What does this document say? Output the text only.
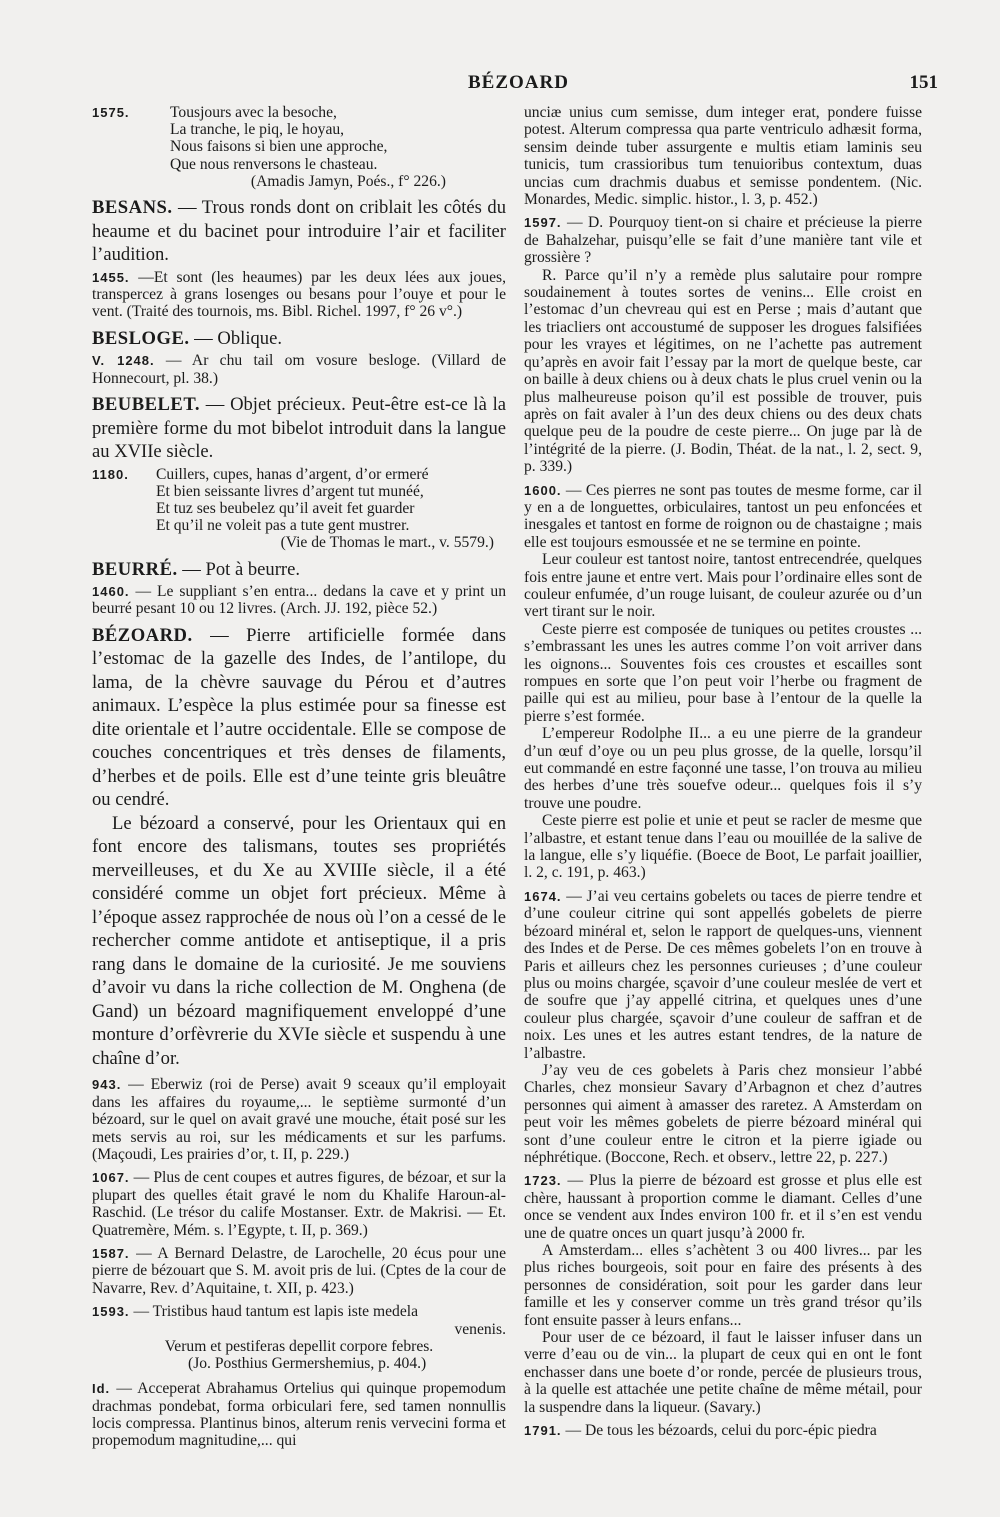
BÉZOARD	151
1575.	Tousjours avec la besoche,
La tranche, le piq, le hoyau,
Nous faisons si bien une approche,
Que nous renversons le chasteau.
(Amadis Jamyn, Poés., f° 226.)

BESANS. — Trous ronds dont on criblait les côtés du heaume et du bacinet pour introduire l’air et faciliter l’audition.

1455. —Et sont (les heaumes) par les deux lées aux joues, transpercez à grans losenges ou besans pour l’ouye et pour le vent. (Traité des tournois, ms. Bibl. Richel. 1997, f° 26 v°.)

BESLOGE. — Oblique.

V. 1248. — Ar chu tail om vosure besloge. (Villard de Honnecourt, pl. 38.)

BEUBELET. — Objet précieux. Peut-être est-ce là la première forme du mot bibelot introduit dans la langue au XVIIe siècle.

1180. Cuillers, cupes, hanas d’argent, d’or ermeré
Et bien seissante livres d’argent tut munéé,
Et tuz ses beubelez qu’il aveit fet guarder
Et qu’il ne voleit pas a tute gent mustrer.
(Vie de Thomas le mart., v. 5579.)

BEURRÉ. — Pot à beurre.

1460. — Le suppliant s’en entra... dedans la cave et y print un beurré pesant 10 ou 12 livres. (Arch. JJ. 192, pièce 52.)

BÉZOARD. — Pierre artificielle formée dans l’estomac de la gazelle des Indes, de l’antilope, du lama, de la chèvre sauvage du Pérou et d’autres animaux. L’espèce la plus estimée pour sa finesse est dite orientale et l’autre occidentale. Elle se compose de couches concentriques et très denses de filaments, d’herbes et de poils. Elle est d’une teinte gris bleuâtre ou cendré.

Le bézoard a conservé, pour les Orientaux qui en font encore des talismans, toutes ses propriétés merveilleuses, et du Xe au XVIIIe siècle, il a été considéré comme un objet fort précieux. Même à l’époque assez rapprochée de nous où l’on a cessé de le rechercher comme antidote et antiseptique, il a pris rang dans le domaine de la curiosité. Je me souviens d’avoir vu dans la riche collection de M. Onghena (de Gand) un bézoard magnifiquement enveloppé d’une monture d’orfèvrerie du XVIe siècle et suspendu à une chaîne d’or.

943. — Eberwiz (roi de Perse) avait 9 sceaux qu’il employait dans les affaires du royaume,... le septième surmonté d’un bézoard, sur le quel on avait gravé une mouche, était posé sur les mets servis au roi, sur les médicaments et sur les parfums. (Maçoudi, Les prairies d’or, t. II, p. 229.)

1067. — Plus de cent coupes et autres figures, de bézoar, et sur la plupart des quelles était gravé le nom du Khalife Haroun-al-Raschid. (Le trésor du calife Mostanser. Extr. de Makrisi. — Et. Quatremère, Mém. s. l’Egypte, t. II, p. 369.)

1587. — A Bernard Delastre, de Larochelle, 20 écus pour une pierre de bézouart que S. M. avoit pris de lui. (Cptes de la cour de Navarre, Rev. d’Aquitaine, t. XII, p. 423.)

1593. — Tristibus haud tantum est lapis iste medela
venenis.
Verum et pestiferas depellit corpore febres.
(Jo. Posthius Germershemius, p. 404.)

Id. — Acceperat Abrahamus Ortelius qui quinque propemodum drachmas pondebat, forma orbiculari fere, sed tamen nonnullis locis compressa. Plantinus binos, alterum renis vervecini forma et propemodum magnitudine,... qui

unciæ unius cum semisse, dum integer erat, pondere fuisse potest. Alterum compressa qua parte ventriculo adhæsit forma, sensim deinde tuber assurgente e multis etiam laminis seu tunicis, tum crassioribus tum tenuioribus contextum, duas uncias cum drachmis duabus et semisse pondentem. (Nic. Monardes, Medic. simplic. histor., l. 3, p. 452.)

1597. — D. Pourquoy tient-on si chaire et précieuse la pierre de Bahalzehar, puisqu’elle se fait d’une manière tant vile et grossière ?

R. Parce qu’il n’y a remède plus salutaire pour rompre soudainement à toutes sortes de venins... Elle croist en l’estomac d’un chevreau qui est en Perse ; mais d’autant que les triacliers ont accoustumé de supposer les drogues falsifiées pour les vrayes et légitimes, on ne l’achette pas autrement qu’après en avoir fait l’essay par la mort de quelque beste, car on baille à deux chiens ou à deux chats le plus cruel venin ou la plus malheureuse poison qu’il est possible de trouver, puis après on fait avaler à l’un des deux chiens ou des deux chats quelque peu de la poudre de ceste pierre... On juge par là de l’intégrité de la pierre. (J. Bodin, Théat. de la nat., l. 2, sect. 9, p. 339.)

1600. — Ces pierres ne sont pas toutes de mesme forme, car il y en a de longuettes, orbiculaires, tantost un peu enfoncées et inesgales et tantost en forme de roignon ou de chastaigne ; mais elle est toujours esmoussée et ne se termine en pointe.

Leur couleur est tantost noire, tantost entrecendrée, quelques fois entre jaune et entre vert. Mais pour l’ordinaire elles sont de couleur enfumée, d’un rouge luisant, de couleur azurée ou d’un vert tirant sur le noir.

Ceste pierre est composée de tuniques ou petites croustes ... s’embrassant les unes les autres comme l’on voit arriver dans les oignons... Souventes fois ces croustes et escailles sont rompues en sorte que l’on peut voir l’herbe ou fragment de paille qui est au milieu, pour base à l’entour de la quelle la pierre s’est formée.

L’empereur Rodolphe II... a eu une pierre de la grandeur d’un œuf d’oye ou un peu plus grosse, de la quelle, lorsqu’il eut commandé en estre façonné une tasse, l’on trouva au milieu des herbes d’une très souefve odeur... quelques fois il s’y trouve une poudre.

Ceste pierre est polie et unie et peut se racler de mesme que l’albastre, et estant tenue dans l’eau ou mouillée de la salive de la langue, elle s’y liquéfie. (Boece de Boot, Le parfait joaillier, l. 2, c. 191, p. 463.)

1674. — J’ai veu certains gobelets ou taces de pierre tendre et d’une couleur citrine qui sont appellés gobelets de pierre bézoard minéral et, selon le rapport de quelques-uns, viennent des Indes et de Perse. De ces mêmes gobelets l’on en trouve à Paris et ailleurs chez les personnes curieuses ; d’une couleur plus ou moins chargée, sçavoir d’une couleur meslée de vert et de soufre que j’ay appellé citrina, et quelques unes d’une couleur plus chargée, sçavoir d’une couleur de saffran et de noix. Les unes et les autres estant tendres, de la nature de l’albastre.

J’ay veu de ces gobelets à Paris chez monsieur l’abbé Charles, chez monsieur Savary d’Arbagnon et chez d’autres personnes qui aiment à amasser des raretez. A Amsterdam on peut voir les mêmes gobelets de pierre bézoard minéral qui sont d’une couleur entre le citron et la pierre igiade ou néphrétique. (Boccone, Rech. et observ., lettre 22, p. 227.)

1723. — Plus la pierre de bézoard est grosse et plus elle est chère, haussant à proportion comme le diamant. Celles d’une once se vendent aux Indes environ 100 fr. et il s’en est vendu une de quatre onces un quart jusqu’à 2000 fr.

A Amsterdam... elles s’achètent 3 ou 400 livres... par les plus riches bourgeois, soit pour en faire des présents à des personnes de considération, soit pour les garder dans leur famille et les y conserver comme un très grand trésor qu’ils font ensuite passer à leurs enfans...

Pour user de ce bézoard, il faut le laisser infuser dans un verre d’eau ou de vin... la plupart de ceux qui en ont le font enchasser dans une boete d’or ronde, percée de plusieurs trous, à la quelle est attachée une petite chaîne de même métail, pour la suspendre dans la liqueur. (Savary.)

1791. — De tous les bézoards, celui du porc-épic piedra
